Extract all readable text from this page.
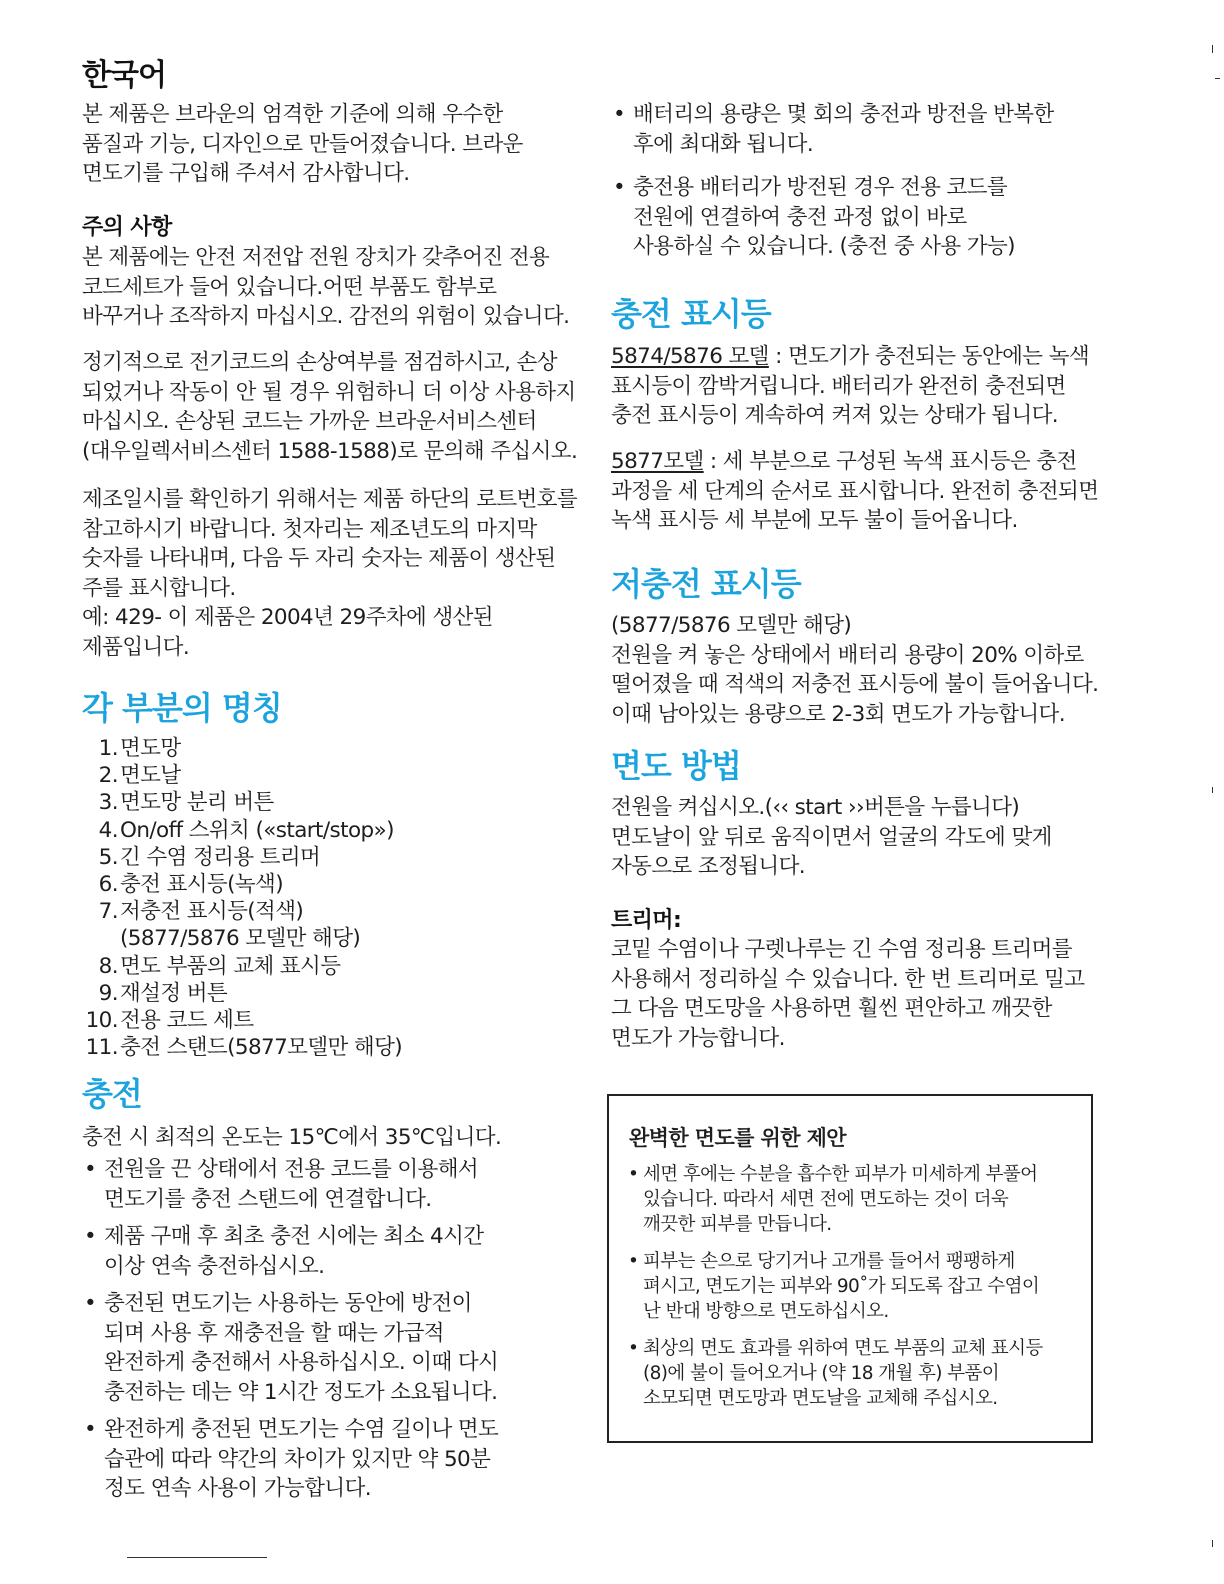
한국어
본 제품은 브라운의 엄격한 기준에 의해 우수한
품질과 기능, 디자인으로 만들어졌습니다. 브라운
면도기를 구입해 주셔서 감사합니다.
주의 사항
본 제품에는 안전 저전압 전원 장치가 갖추어진 전용
코드세트가 들어 있습니다.어떤 부품도 함부로
바꾸거나 조작하지 마십시오. 감전의 위험이 있습니다.
정기적으로 전기코드의 손상여부를 점검하시고, 손상
되었거나 작동이 안 될 경우 위험하니 더 이상 사용하지
마십시오. 손상된 코드는 가까운 브라운서비스센터
(대우일렉서비스센터 1588-1588)로 문의해 주십시오.
제조일시를 확인하기 위해서는 제품 하단의 로트번호를
참고하시기 바랍니다. 첫자리는 제조년도의 마지막
숫자를 나타내며, 다음 두 자리 숫자는 제품이 생산된
주를 표시합니다.
예: 429- 이 제품은 2004년 29주차에 생산된
제품입니다.
각 부분의 명칭
1. 면도망
2. 면도날
3. 면도망 분리 버튼
4. On/off 스위치 («start/stop»)
5. 긴 수염 정리용 트리머
6. 충전 표시등(녹색)
7. 저충전 표시등(적색)
(5877/5876 모델만 해당)
8. 면도 부품의 교체 표시등
9. 재설정 버튼
10. 전용 코드 세트
11. 충전 스탠드(5877모델만 해당)
충전
충전 시 최적의 온도는 15℃에서 35℃입니다.
• 전원을 끈 상태에서 전용 코드를 이용해서
면도기를 충전 스탠드에 연결합니다.
• 제품 구매 후 최초 충전 시에는 최소 4시간
이상 연속 충전하십시오.
• 충전된 면도기는 사용하는 동안에 방전이
되며 사용 후 재충전을 할 때는 가급적
완전하게 충전해서 사용하십시오. 이때 다시
충전하는 데는 약 1시간 정도가 소요됩니다.
• 완전하게 충전된 면도기는 수염 길이나 면도
습관에 따라 약간의 차이가 있지만 약 50분
정도 연속 사용이 가능합니다.
• 배터리의 용량은 몇 회의 충전과 방전을 반복한
후에 최대화 됩니다.
• 충전용 배터리가 방전된 경우 전용 코드를
전원에 연결하여 충전 과정 없이 바로
사용하실 수 있습니다. (충전 중 사용 가능)
충전 표시등
5874/5876 모델 : 면도기가 충전되는 동안에는 녹색
표시등이 깜박거립니다. 배터리가 완전히 충전되면
충전 표시등이 계속하여 켜져 있는 상태가 됩니다.
5877모델 : 세 부분으로 구성된 녹색 표시등은 충전
과정을 세 단계의 순서로 표시합니다. 완전히 충전되면
녹색 표시등 세 부분에 모두 불이 들어옵니다.
저충전 표시등
(5877/5876 모델만 해당)
전원을 켜 놓은 상태에서 배터리 용량이 20% 이하로
떨어졌을 때 적색의 저충전 표시등에 불이 들어옵니다.
이때 남아있는 용량으로 2-3회 면도가 가능합니다.
면도 방법
전원을 켜십시오.(‹‹ start ››버튼을 누릅니다)
면도날이 앞 뒤로 움직이면서 얼굴의 각도에 맞게
자동으로 조정됩니다.
트리머:
코밑 수염이나 구렛나루는 긴 수염 정리용 트리머를
사용해서 정리하실 수 있습니다. 한 번 트리머로 밀고
그 다음 면도망을 사용하면 훨씬 편안하고 깨끗한
면도가 가능합니다.
완벽한 면도를 위한 제안
• 세면 후에는 수분을 흡수한 피부가 미세하게 부풀어
있습니다. 따라서 세면 전에 면도하는 것이 더욱
깨끗한 피부를 만듭니다.
• 피부는 손으로 당기거나 고개를 들어서 팽팽하게
펴시고, 면도기는 피부와 90˚가 되도록 잡고 수염이
난 반대 방향으로 면도하십시오.
• 최상의 면도 효과를 위하여 면도 부품의 교체 표시등
(8)에 불이 들어오거나 (약 18 개월 후) 부품이
소모되면 면도망과 면도날을 교체해 주십시오.
